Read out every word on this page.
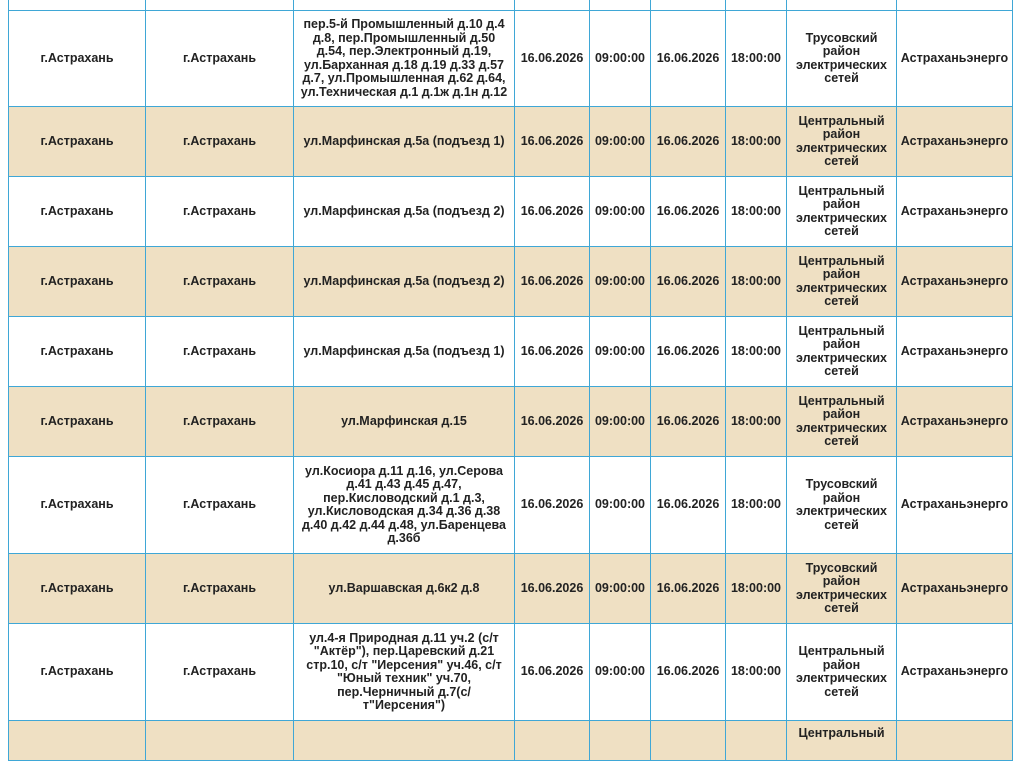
г.Астрахань	г.Астрахань	пер.5-й Промышленный д.10 д.4 д.8, пер.Промышленный д.50 д.54, пер.Электронный д.19, ул.Барханная д.18 д.19 д.33 д.57 д.7, ул.Промышленная д.62 д.64, ул.Техническая д.1 д.1ж д.1н д.12	16.06.2026	09:00:00	16.06.2026	18:00:00	Трусовский район электрических сетей	Астраханьэнерго
г.Астрахань	г.Астрахань	ул.Марфинская д.5а (подъезд 1)	16.06.2026	09:00:00	16.06.2026	18:00:00	Центральный район электрических сетей	Астраханьэнерго
г.Астрахань	г.Астрахань	ул.Марфинская д.5а (подъезд 2)	16.06.2026	09:00:00	16.06.2026	18:00:00	Центральный район электрических сетей	Астраханьэнерго
г.Астрахань	г.Астрахань	ул.Марфинская д.5а (подъезд 2)	16.06.2026	09:00:00	16.06.2026	18:00:00	Центральный район электрических сетей	Астраханьэнерго
г.Астрахань	г.Астрахань	ул.Марфинская д.5а (подъезд 1)	16.06.2026	09:00:00	16.06.2026	18:00:00	Центральный район электрических сетей	Астраханьэнерго
г.Астрахань	г.Астрахань	ул.Марфинская д.15	16.06.2026	09:00:00	16.06.2026	18:00:00	Центральный район электрических сетей	Астраханьэнерго
г.Астрахань	г.Астрахань	ул.Косиора д.11 д.16, ул.Серова д.41 д.43 д.45 д.47, пер.Кисловодский д.1 д.3, ул.Кисловодская д.34 д.36 д.38 д.40 д.42 д.44 д.48, ул.Баренцева д.36б	16.06.2026	09:00:00	16.06.2026	18:00:00	Трусовский район электрических сетей	Астраханьэнерго
г.Астрахань	г.Астрахань	ул.Варшавская д.6к2 д.8	16.06.2026	09:00:00	16.06.2026	18:00:00	Трусовский район электрических сетей	Астраханьэнерго
г.Астрахань	г.Астрахань	ул.4-я Природная д.11 уч.2 (с/т "Актёр"), пер.Царевский д.21 стр.10, с/т "Иерсения" уч.46, с/т "Юный техник" уч.70, пер.Черничный д.7(с/т"Иерсения")	16.06.2026	09:00:00	16.06.2026	18:00:00	Центральный район электрических сетей	Астраханьэнерго
							Центральный	
